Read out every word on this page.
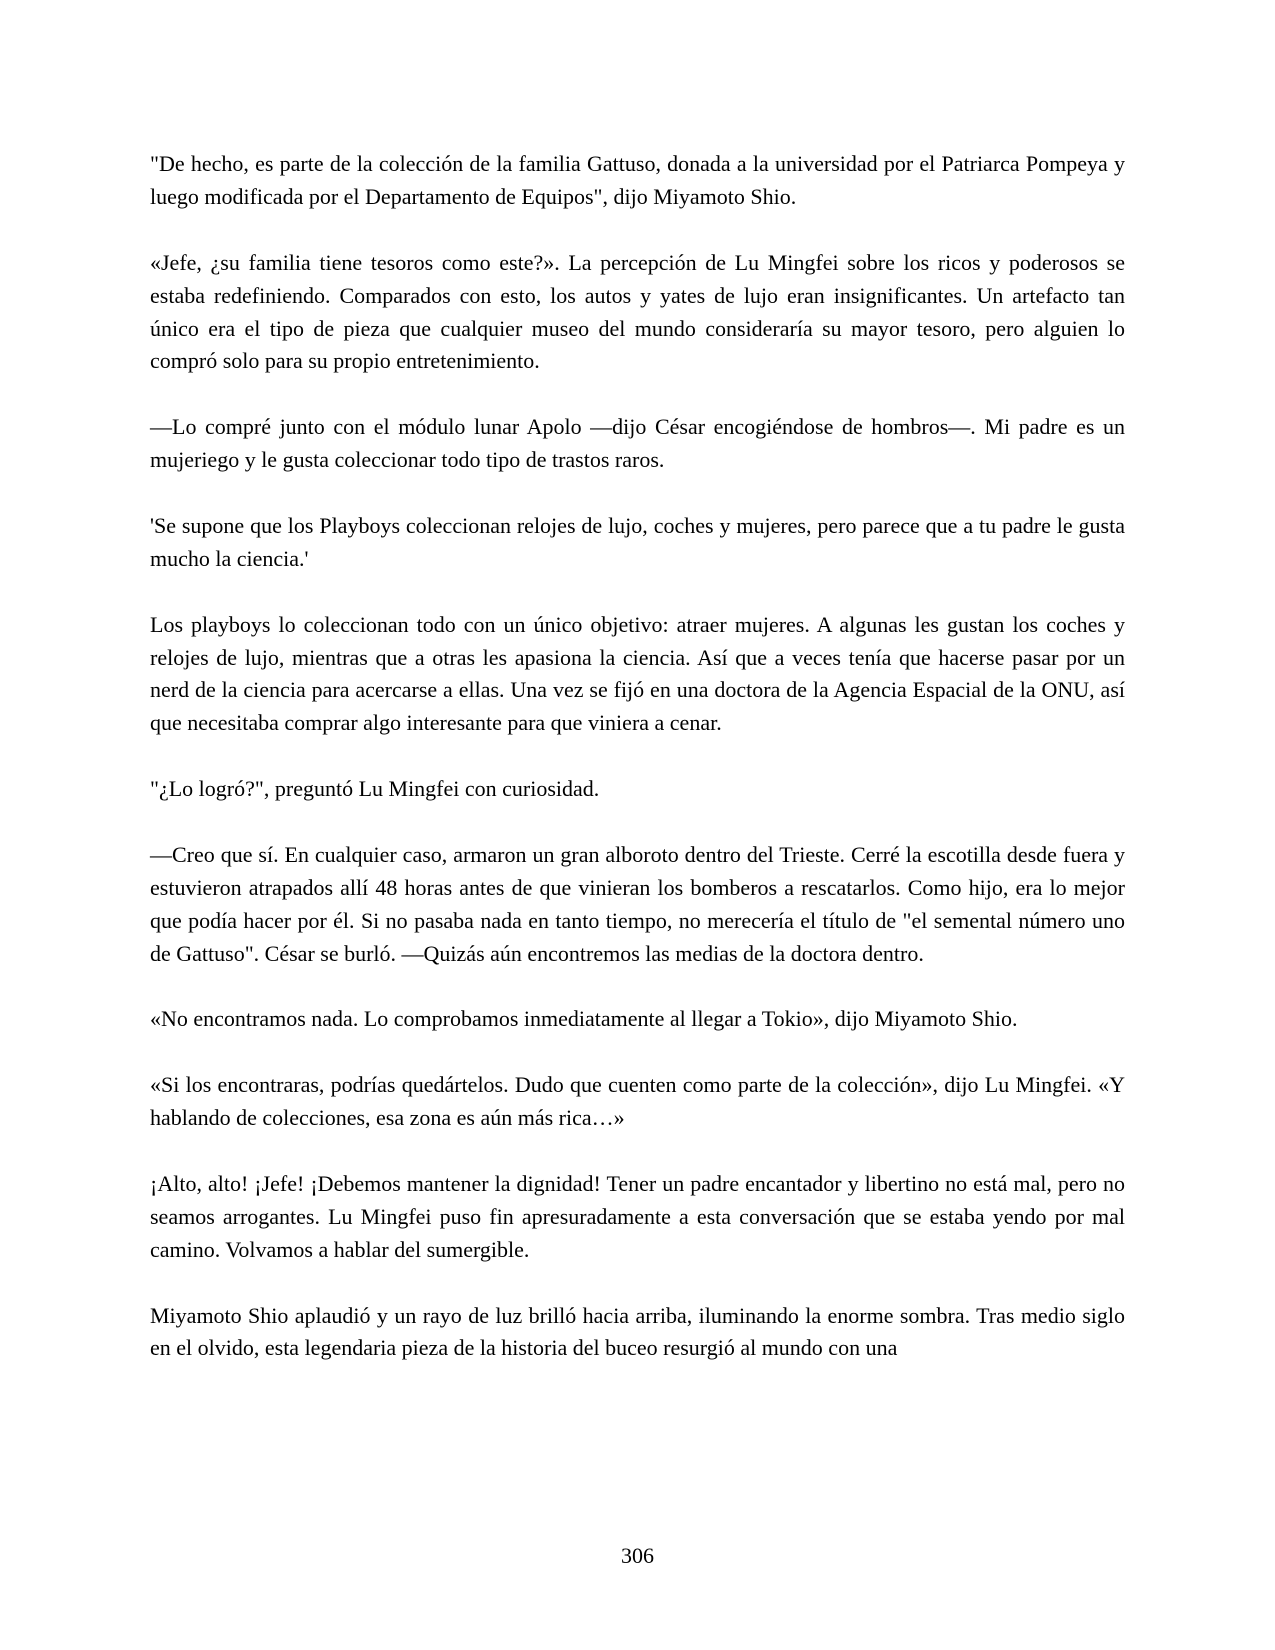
"De hecho, es parte de la colección de la familia Gattuso, donada a la universidad por el Patriarca Pompeya y luego modificada por el Departamento de Equipos", dijo Miyamoto Shio.

«Jefe, ¿su familia tiene tesoros como este?». La percepción de Lu Mingfei sobre los ricos y poderosos se estaba redefiniendo. Comparados con esto, los autos y yates de lujo eran insignificantes. Un artefacto tan único era el tipo de pieza que cualquier museo del mundo consideraría su mayor tesoro, pero alguien lo compró solo para su propio entretenimiento.

—Lo compré junto con el módulo lunar Apolo —dijo César encogiéndose de hombros—. Mi padre es un mujeriego y le gusta coleccionar todo tipo de trastos raros.

'Se supone que los Playboys coleccionan relojes de lujo, coches y mujeres, pero parece que a tu padre le gusta mucho la ciencia.'

Los playboys lo coleccionan todo con un único objetivo: atraer mujeres. A algunas les gustan los coches y relojes de lujo, mientras que a otras les apasiona la ciencia. Así que a veces tenía que hacerse pasar por un nerd de la ciencia para acercarse a ellas. Una vez se fijó en una doctora de la Agencia Espacial de la ONU, así que necesitaba comprar algo interesante para que viniera a cenar.

"¿Lo logró?", preguntó Lu Mingfei con curiosidad.

—Creo que sí. En cualquier caso, armaron un gran alboroto dentro del Trieste. Cerré la escotilla desde fuera y estuvieron atrapados allí 48 horas antes de que vinieran los bomberos a rescatarlos. Como hijo, era lo mejor que podía hacer por él. Si no pasaba nada en tanto tiempo, no merecería el título de "el semental número uno de Gattuso". César se burló. —Quizás aún encontremos las medias de la doctora dentro.

«No encontramos nada. Lo comprobamos inmediatamente al llegar a Tokio», dijo Miyamoto Shio.

«Si los encontraras, podrías quedártelos. Dudo que cuenten como parte de la colección», dijo Lu Mingfei. «Y hablando de colecciones, esa zona es aún más rica…»

¡Alto, alto! ¡Jefe! ¡Debemos mantener la dignidad! Tener un padre encantador y libertino no está mal, pero no seamos arrogantes. Lu Mingfei puso fin apresuradamente a esta conversación que se estaba yendo por mal camino. Volvamos a hablar del sumergible.

Miyamoto Shio aplaudió y un rayo de luz brilló hacia arriba, iluminando la enorme sombra. Tras medio siglo en el olvido, esta legendaria pieza de la historia del buceo resurgió al mundo con una

306
